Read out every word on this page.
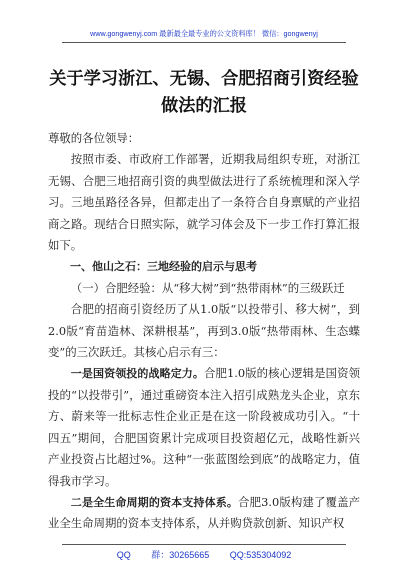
www.gongwenyj.com 最新最全最专业的公文资料库！ 微信：gongwenyj
关于学习浙江、无锡、合肥招商引资经验
做法的汇报

尊敬的各位领导：

按照市委、市政府工作部署，近期我局组织专班，对浙江无锡、合肥三地招商引资的典型做法进行了系统梳理和深入学习。三地虽路径各异，但都走出了一条符合自身禀赋的产业招商之路。现结合日照实际，就学习体会及下一步工作打算汇报如下。

一、他山之石：三地经验的启示与思考

（一）合肥经验：从“移大树”到“热带雨林”的三级跃迁

合肥的招商引资经历了从1.0版“以投带引、移大树”，到2.0版“育苗造林、深耕根基”，再到3.0版“热带雨林、生态蝶变”的三次跃迁。其核心启示有三：

一是国资领投的战略定力。合肥1.0版的核心逻辑是国资领投的“以投带引”，通过重磅资本注入招引成熟龙头企业，京东方、蔚来等一批标志性企业正是在这一阶段被成功引入。“十四五”期间，合肥国资累计完成项目投资超亿元，战略性新兴产业投资占比超过%。这种“一张蓝图绘到底”的战略定力，值得我市学习。

二是全生命周期的资本支持体系。合肥3.0版构建了覆盖产业全生命周期的资本支持体系，从并购贷款创新、知识产权

QQ 群：30265665 QQ:535304092
